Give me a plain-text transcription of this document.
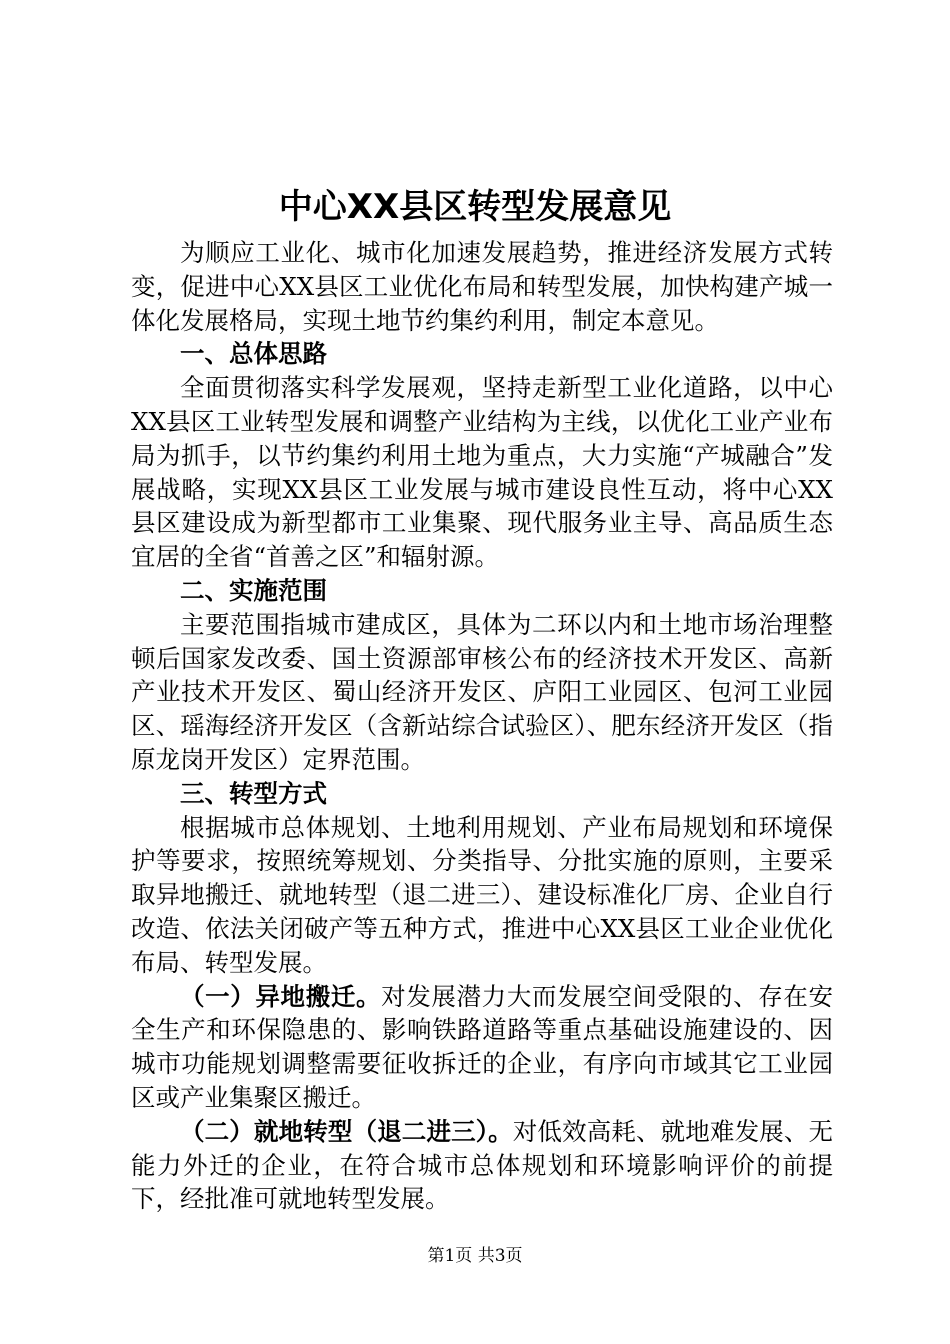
中心XX县区转型发展意见

为顺应工业化、城市化加速发展趋势，推进经济发展方式转变，促进中心XX县区工业优化布局和转型发展，加快构建产城一体化发展格局，实现土地节约集约利用，制定本意见。

一、总体思路

全面贯彻落实科学发展观，坚持走新型工业化道路，以中心XX县区工业转型发展和调整产业结构为主线，以优化工业产业布局为抓手，以节约集约利用土地为重点，大力实施“产城融合”发展战略，实现XX县区工业发展与城市建设良性互动，将中心XX县区建设成为新型都市工业集聚、现代服务业主导、高品质生态宜居的全省“首善之区”和辐射源。

二、实施范围

主要范围指城市建成区，具体为二环以内和土地市场治理整顿后国家发改委、国土资源部审核公布的经济技术开发区、高新产业技术开发区、蜀山经济开发区、庐阳工业园区、包河工业园区、瑶海经济开发区（含新站综合试验区）、肥东经济开发区（指原龙岗开发区）定界范围。

三、转型方式

根据城市总体规划、土地利用规划、产业布局规划和环境保护等要求，按照统筹规划、分类指导、分批实施的原则，主要采取异地搬迁、就地转型（退二进三）、建设标准化厂房、企业自行改造、依法关闭破产等五种方式，推进中心XX县区工业企业优化布局、转型发展。

（一）异地搬迁。对发展潜力大而发展空间受限的、存在安全生产和环保隐患的、影响铁路道路等重点基础设施建设的、因城市功能规划调整需要征收拆迁的企业，有序向市域其它工业园区或产业集聚区搬迁。

（二）就地转型（退二进三）。对低效高耗、就地难发展、无能力外迁的企业，在符合城市总体规划和环境影响评价的前提下，经批准可就地转型发展。

第1页 共3页
